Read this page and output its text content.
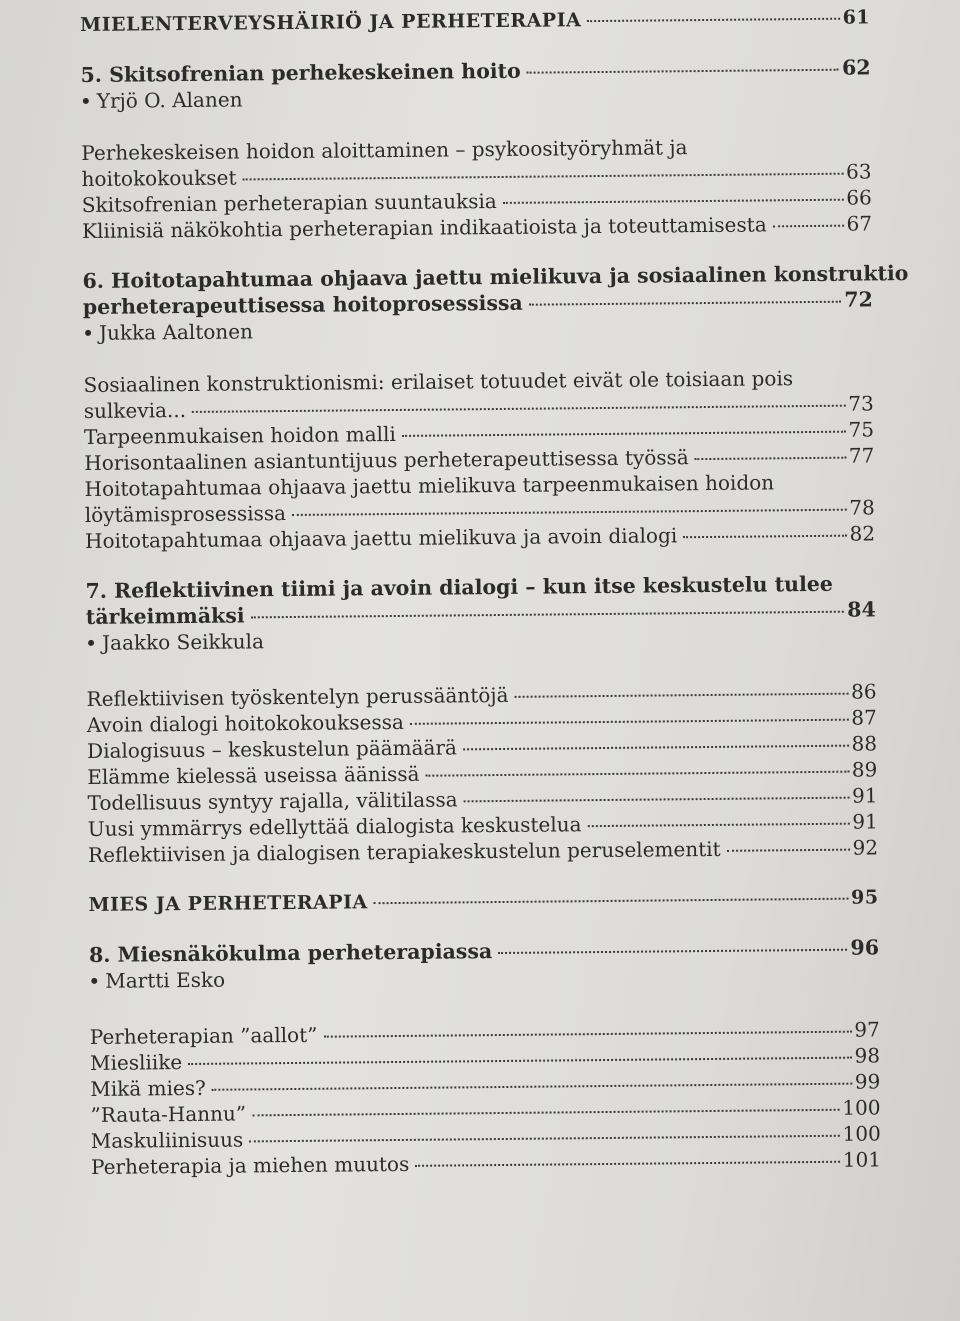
MIELENTERVEYSHÄIRIÖ JA PERHETERAPIA	61
5. Skitsofrenian perhekeskeinen hoito	62
Yrjö O. Alanen
Perhekeskeisen hoidon aloittaminen – psykoosityöryhmät ja
hoitokokoukset	63
Skitsofrenian perheterapian suuntauksia	66
Kliinisiä näkökohtia perheterapian indikaatioista ja toteuttamisesta	67
6. Hoitotapahtumaa ohjaava jaettu mielikuva ja sosiaalinen konstruktio
perheterapeuttisessa hoitoprosessissa	72
Jukka Aaltonen
Sosiaalinen konstruktionismi: erilaiset totuudet eivät ole toisiaan pois
sulkevia...	73
Tarpeenmukaisen hoidon malli	75
Horisontaalinen asiantuntijuus perheterapeuttisessa työssä	77
Hoitotapahtumaa ohjaava jaettu mielikuva tarpeenmukaisen hoidon
löytämisprosessissa	78
Hoitotapahtumaa ohjaava jaettu mielikuva ja avoin dialogi	82
7. Reflektiivinen tiimi ja avoin dialogi – kun itse keskustelu tulee
tärkeimmäksi	84
Jaakko Seikkula
Reflektiivisen työskentelyn perussääntöjä	86
Avoin dialogi hoitokokouksessa	87
Dialogisuus – keskustelun päämäärä	88
Elämme kielessä useissa äänissä	89
Todellisuus syntyy rajalla, välitilassa	91
Uusi ymmärrys edellyttää dialogista keskustelua	91
Reflektiivisen ja dialogisen terapiakeskustelun peruselementit	92
MIES JA PERHETERAPIA	95
8. Miesnäkökulma perheterapiassa	96
Martti Esko
Perheterapian ”aallot”	97
Miesliike	98
Mikä mies?	99
”Rauta-Hannu”	100
Maskuliinisuus	100
Perheterapia ja miehen muutos	101
